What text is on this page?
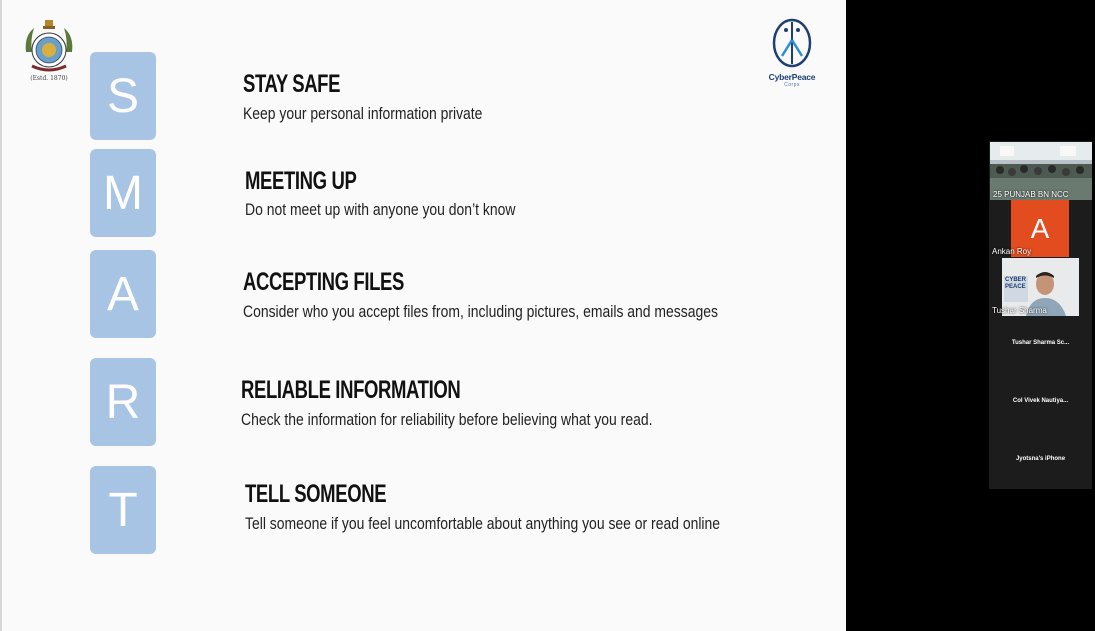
(Estd. 1870)	CyberPeace
Corps
S	STAY SAFE
Keep your personal information private
M	MEETING UP
Do not meet up with anyone you don’t know
A	ACCEPTING FILES
Consider who you accept files from, including pictures, emails and messages
R	RELIABLE INFORMATION
Check the information for reliability before believing what you read.
T	TELL SOMEONE
Tell someone if you feel uncomfortable about anything you see or read online
25 PUNJAB BN NCC
A
Ankan Roy
CYBER PEACE
Tushar Sharma
Tushar Sharma Sc...
Col Vivek Nautiya...
Jyotsna's iPhone
